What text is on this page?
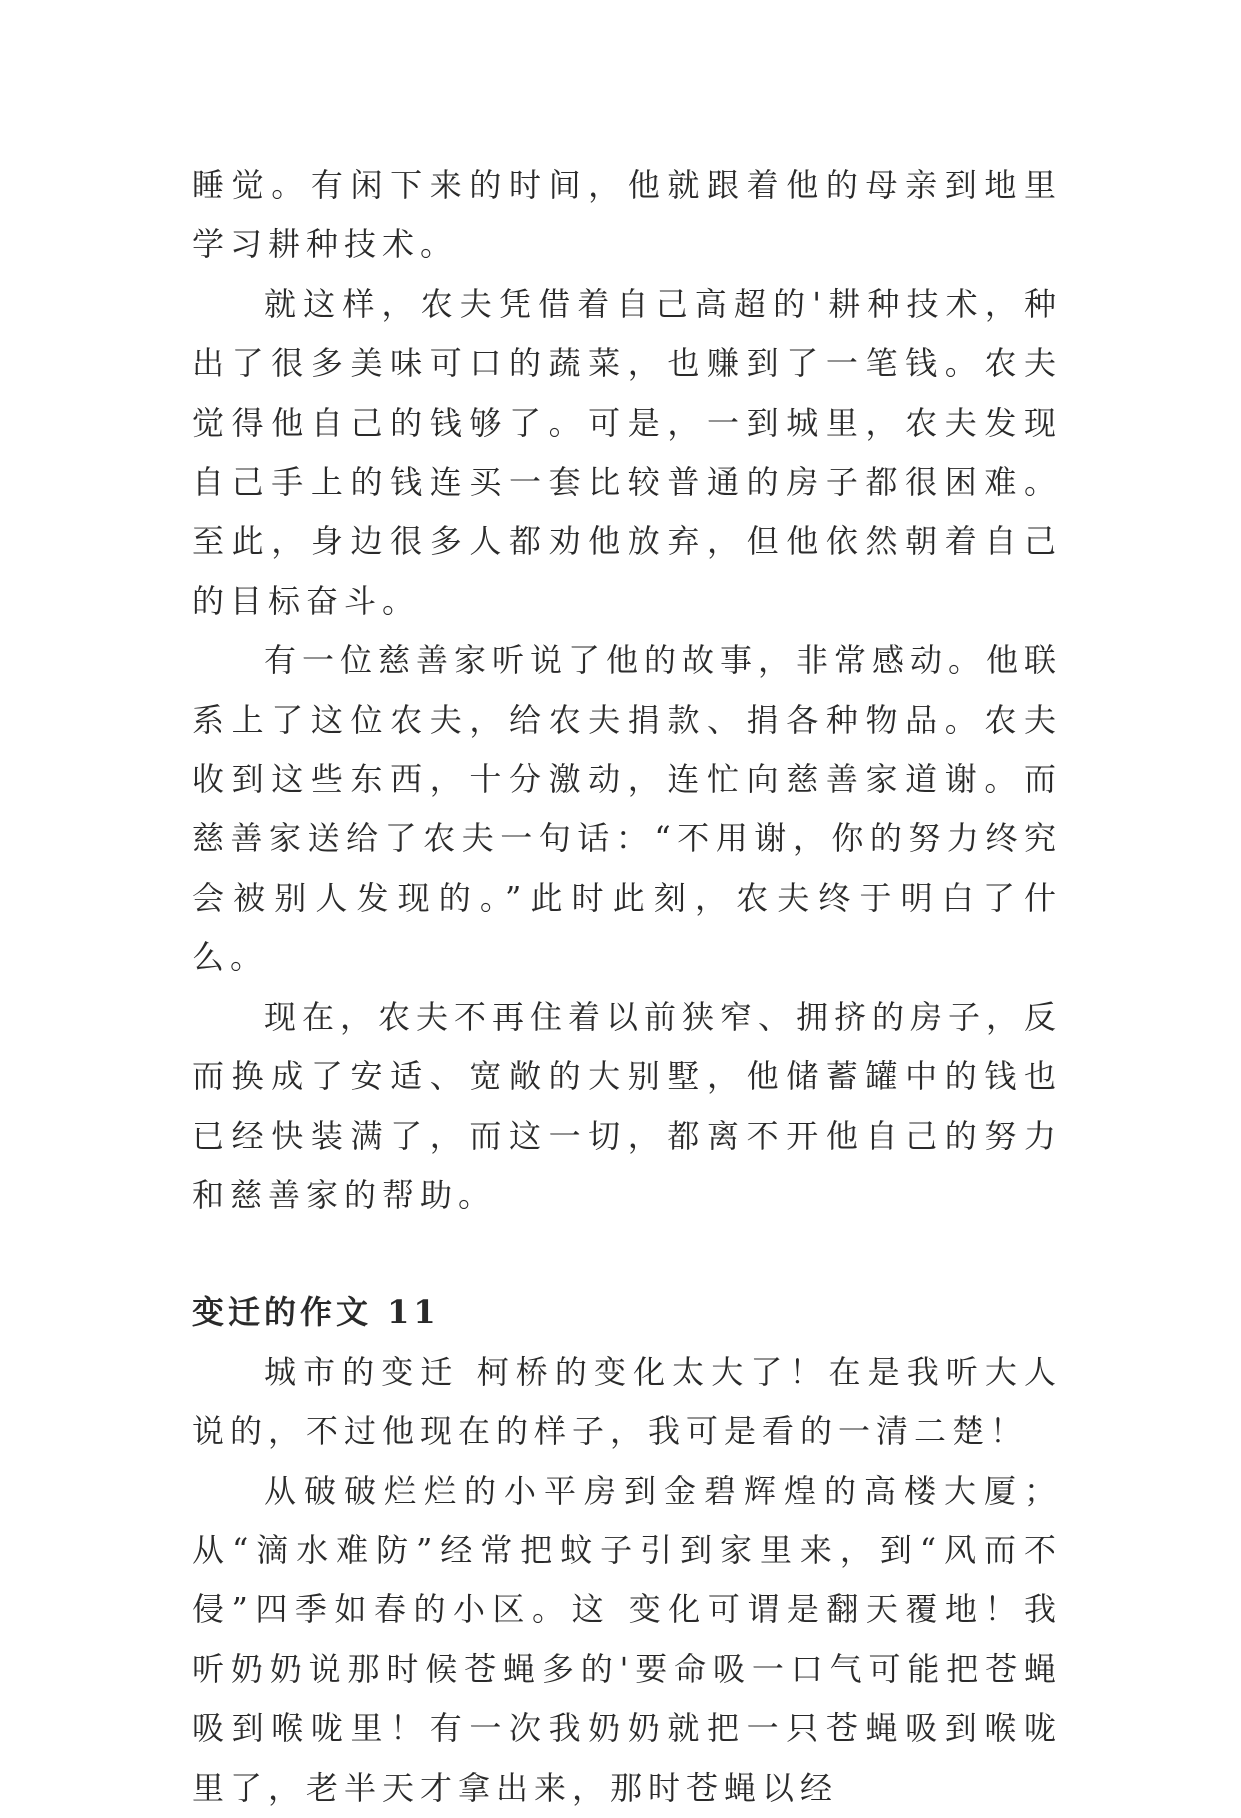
睡觉。有闲下来的时间，他就跟着他的母亲到地里学习耕种技术。

就这样，农夫凭借着自己高超的'耕种技术，种出了很多美味可口的蔬菜，也赚到了一笔钱。农夫觉得他自己的钱够了。可是，一到城里，农夫发现自己手上的钱连买一套比较普通的房子都很困难。至此，身边很多人都劝他放弃，但他依然朝着自己的目标奋斗。

有一位慈善家听说了他的故事，非常感动。他联系上了这位农夫，给农夫捐款、捐各种物品。农夫收到这些东西，十分激动，连忙向慈善家道谢。而慈善家送给了农夫一句话：“不用谢，你的努力终究会被别人发现的。”此时此刻，农夫终于明白了什么。

现在，农夫不再住着以前狭窄、拥挤的房子，反而换成了安适、宽敞的大别墅，他储蓄罐中的钱也已经快装满了，而这一切，都离不开他自己的努力和慈善家的帮助。

变迁的作文 11

城市的变迁 柯桥的变化太大了！在是我听大人说的，不过他现在的样子，我可是看的一清二楚！

从破破烂烂的小平房到金碧辉煌的高楼大厦；从“滴水难防”经常把蚊子引到家里来，到“风而不侵”四季如春的小区。这 变化可谓是翻天覆地！我听奶奶说那时候苍蝇多的'要命吸一口气可能把苍蝇吸到喉咙里！有一次我奶奶就把一只苍蝇吸到喉咙里了，老半天才拿出来，那时苍蝇以经
